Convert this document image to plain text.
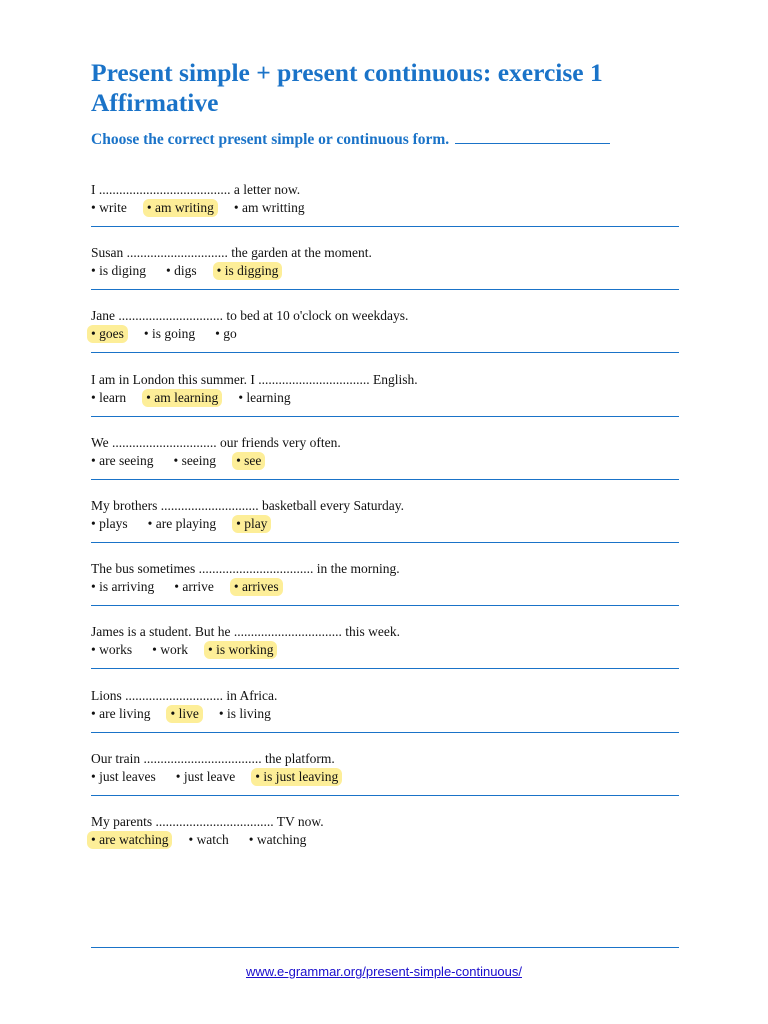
Present simple + present continuous: exercise 1
Affirmative
Choose the correct present simple or continuous form.
I ....................................... a letter now.
• write • am writing • am writting
Susan .............................. the garden at the moment.
• is diging • digs • is digging
Jane ............................... to bed at 10 o'clock on weekdays.
• goes • is going • go
I am in London this summer. I ................................. English.
• learn • am learning • learning
We ............................... our friends very often.
• are seeing • seeing • see
My brothers ............................. basketball every Saturday.
• plays • are playing • play
The bus sometimes .................................. in the morning.
• is arriving • arrive • arrives
James is a student. But he ................................ this week.
• works • work • is working
Lions ............................. in Africa.
• are living • live • is living
Our train ................................... the platform.
• just leaves • just leave • is just leaving
My parents ................................... TV now.
• are watching • watch • watching
www.e-grammar.org/present-simple-continuous/
